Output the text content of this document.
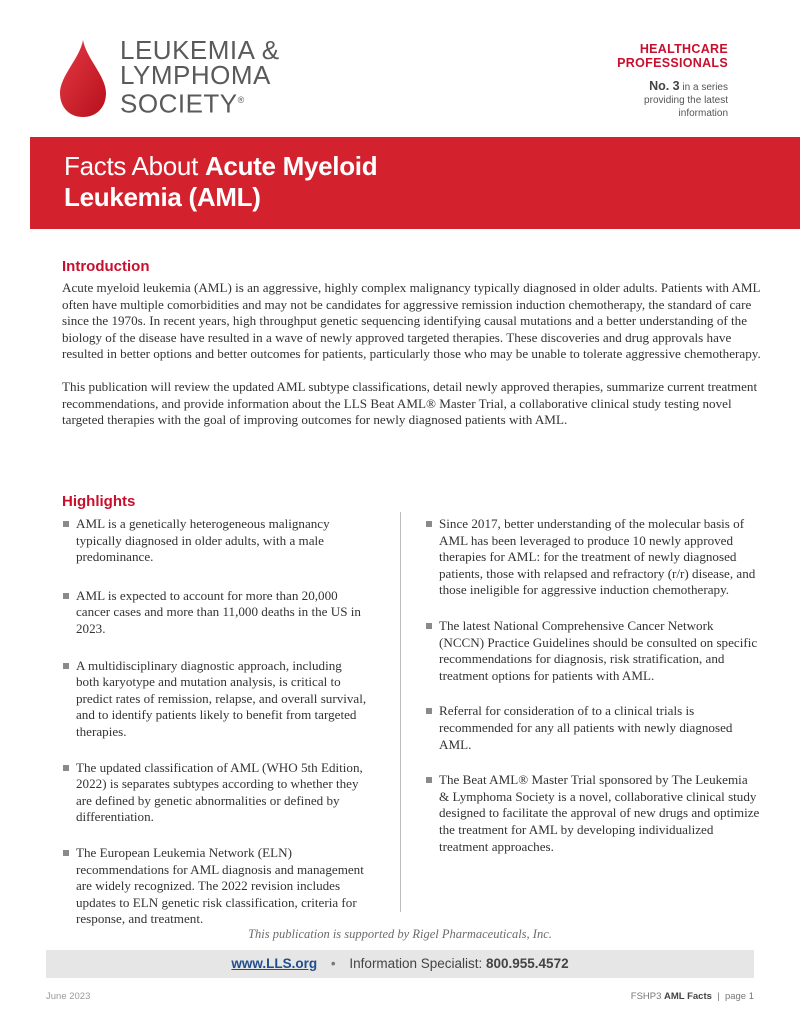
LEUKEMIA &
LYMPHOMA
SOCIETY®
HEALTHCARE
PROFESSIONALS
No. 3 in a series
providing the latest
information
Facts About Acute Myeloid
Leukemia (AML)
Introduction

Acute myeloid leukemia (AML) is an aggressive, highly complex malignancy typically diagnosed in older adults. Patients with AML often have multiple comorbidities and may not be candidates for aggressive remission induction chemotherapy, the standard of care since the 1970s. In recent years, high throughput genetic sequencing identifying causal mutations and a better understanding of the biology of the disease have resulted in a wave of newly approved targeted therapies. These discoveries and drug approvals have resulted in better options and better outcomes for patients, particularly those who may be unable to tolerate aggressive chemotherapy.

This publication will review the updated AML subtype classifications, detail newly approved therapies, summarize current treatment recommendations, and provide information about the LLS Beat AML® Master Trial, a collaborative clinical study testing novel targeted therapies with the goal of improving outcomes for newly diagnosed patients with AML.

Highlights
AML is a genetically heterogeneous malignancy typically diagnosed in older adults, with a male predominance.
AML is expected to account for more than 20,000 cancer cases and more than 11,000 deaths in the US in 2023.
A multidisciplinary diagnostic approach, including both karyotype and mutation analysis, is critical to predict rates of remission, relapse, and overall survival, and to identify patients likely to benefit from targeted therapies.
The updated classification of AML (WHO 5th Edition, 2022) is separates subtypes according to whether they are defined by genetic abnormalities or defined by differentiation.
The European Leukemia Network (ELN) recommendations for AML diagnosis and management are widely recognized. The 2022 revision includes updates to ELN genetic risk classification, criteria for response, and treatment.
Since 2017, better understanding of the molecular basis of AML has been leveraged to produce 10 newly approved therapies for AML: for the treatment of newly diagnosed patients, those with relapsed and refractory (r/r) disease, and those ineligible for aggressive induction chemotherapy.
The latest National Comprehensive Cancer Network (NCCN) Practice Guidelines should be consulted on specific recommendations for diagnosis, risk stratification, and treatment options for patients with AML.
Referral for consideration of to a clinical trials is recommended for any all patients with newly diagnosed AML.
The Beat AML® Master Trial sponsored by The Leukemia & Lymphoma Society is a novel, collaborative clinical study designed to facilitate the approval of new drugs and optimize the treatment for AML by developing individualized treatment approaches.
This publication is supported by Rigel Pharmaceuticals, Inc.
www.LLS.org • Information Specialist: 800.955.4572
June 2023	FSHP3 AML Facts | page 1
